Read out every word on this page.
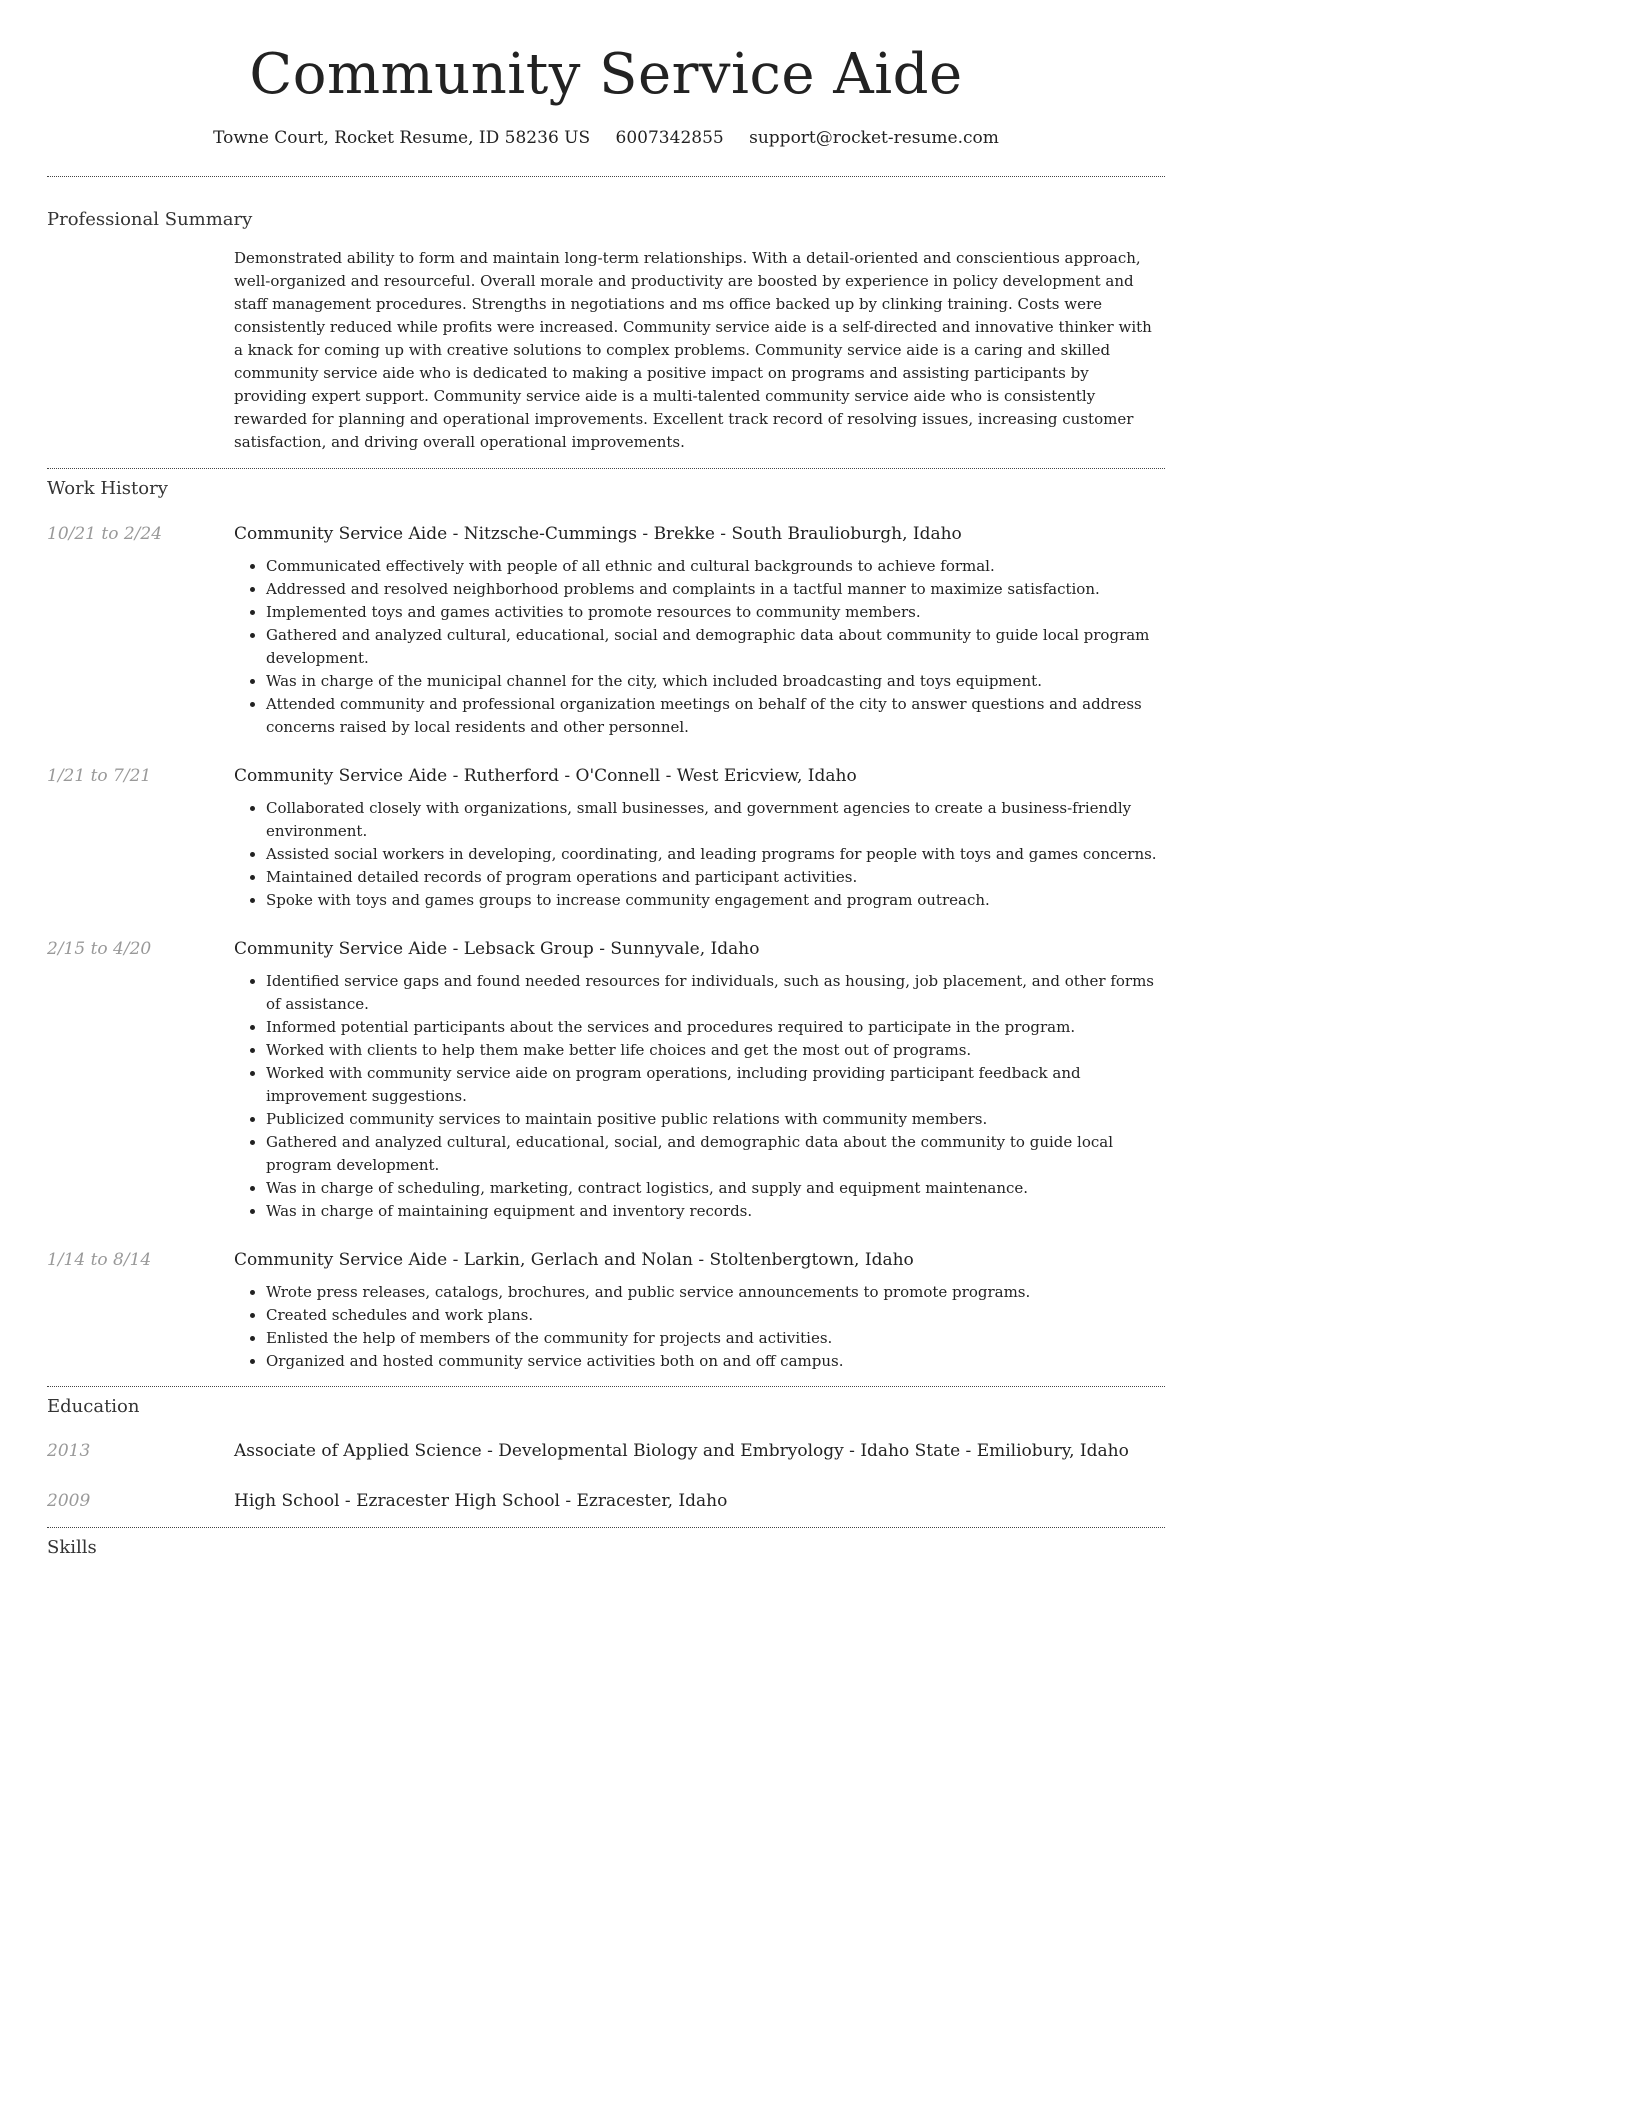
Community Service Aide
Towne Court, Rocket Resume, ID 58236 US 6007342855 support@rocket-resume.com
Professional Summary
Demonstrated ability to form and maintain long-term relationships. With a detail-oriented and conscientious approach, well-organized and resourceful. Overall morale and productivity are boosted by experience in policy development and staff management procedures. Strengths in negotiations and ms office backed up by clinking training. Costs were consistently reduced while profits were increased. Community service aide is a self-directed and innovative thinker with a knack for coming up with creative solutions to complex problems. Community service aide is a caring and skilled community service aide who is dedicated to making a positive impact on programs and assisting participants by providing expert support. Community service aide is a multi-talented community service aide who is consistently rewarded for planning and operational improvements. Excellent track record of resolving issues, increasing customer satisfaction, and driving overall operational improvements.
Work History
10/21 to 2/24	Community Service Aide - Nitzsche-Cummings - Brekke - South Braulioburgh, Idaho
• Communicated effectively with people of all ethnic and cultural backgrounds to achieve formal.
• Addressed and resolved neighborhood problems and complaints in a tactful manner to maximize satisfaction.
• Implemented toys and games activities to promote resources to community members.
• Gathered and analyzed cultural, educational, social and demographic data about community to guide local program development.
• Was in charge of the municipal channel for the city, which included broadcasting and toys equipment.
• Attended community and professional organization meetings on behalf of the city to answer questions and address concerns raised by local residents and other personnel.
1/21 to 7/21	Community Service Aide - Rutherford - O'Connell - West Ericview, Idaho
• Collaborated closely with organizations, small businesses, and government agencies to create a business-friendly environment.
• Assisted social workers in developing, coordinating, and leading programs for people with toys and games concerns.
• Maintained detailed records of program operations and participant activities.
• Spoke with toys and games groups to increase community engagement and program outreach.
2/15 to 4/20	Community Service Aide - Lebsack Group - Sunnyvale, Idaho
• Identified service gaps and found needed resources for individuals, such as housing, job placement, and other forms of assistance.
• Informed potential participants about the services and procedures required to participate in the program.
• Worked with clients to help them make better life choices and get the most out of programs.
• Worked with community service aide on program operations, including providing participant feedback and improvement suggestions.
• Publicized community services to maintain positive public relations with community members.
• Gathered and analyzed cultural, educational, social, and demographic data about the community to guide local program development.
• Was in charge of scheduling, marketing, contract logistics, and supply and equipment maintenance.
• Was in charge of maintaining equipment and inventory records.
1/14 to 8/14	Community Service Aide - Larkin, Gerlach and Nolan - Stoltenbergtown, Idaho
• Wrote press releases, catalogs, brochures, and public service announcements to promote programs.
• Created schedules and work plans.
• Enlisted the help of members of the community for projects and activities.
• Organized and hosted community service activities both on and off campus.
Education
2013	Associate of Applied Science - Developmental Biology and Embryology - Idaho State - Emiliobury, Idaho
2009	High School - Ezracester High School - Ezracester, Idaho
Skills
